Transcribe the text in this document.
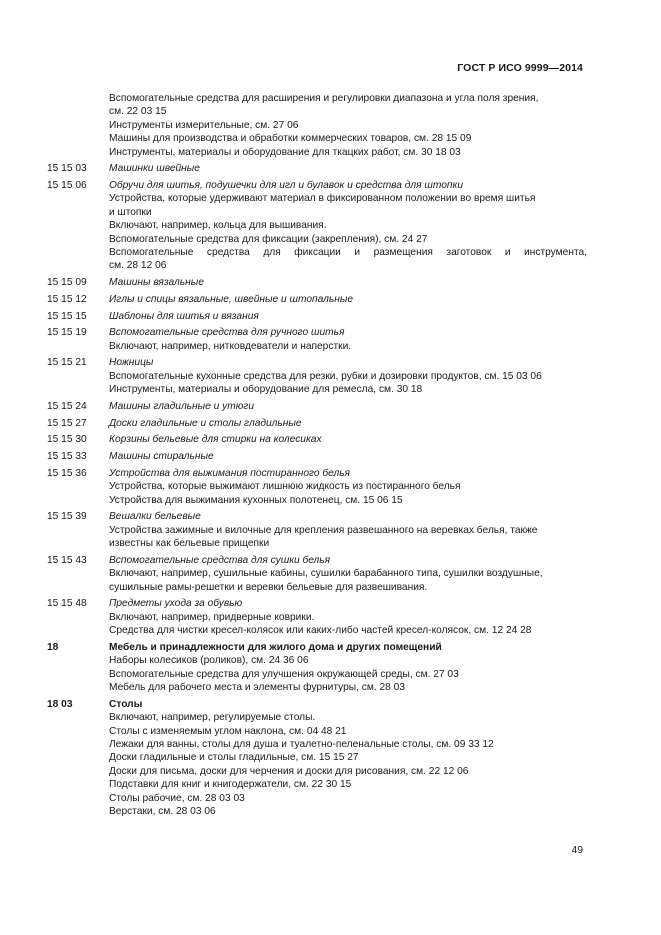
ГОСТ Р ИСО 9999—2014
Вспомогательные средства для расширения и регулировки диапазона и угла поля зрения,
см. 22 03 15
Инструменты измерительные, см. 27 06
Машины для производства и обработки коммерческих товаров, см. 28 15 09
Инструменты, материалы и оборудование для ткацких работ, см. 30 18 03
15 15 03	Машинки швейные
15 15 06	Обручи для шитья, подушечки для игл и булавок и средства для штопки
Устройства, которые удерживают материал в фиксированном положении во время шитья
и штопки
Включают, например, кольца для вышивания.
Вспомогательные средства для фиксации (закрепления), см. 24 27
Вспомогательные средства для фиксации и размещения заготовок и инструмента,
см. 28 12 06
15 15 09	Машины вязальные
15 15 12	Иглы и спицы вязальные, швейные и штопальные
15 15 15	Шаблоны для шитья и вязания
15 15 19	Вспомогательные средства для ручного шитья
Включают, например, нитковдеватели и наперстки.
15 15 21	Ножницы
Вспомогательные кухонные средства для резки, рубки и дозировки продуктов, см. 15 03 06
Инструменты, материалы и оборудование для ремесла, см. 30 18
15 15 24	Машины гладильные и утюги
15 15 27	Доски гладильные и столы гладильные
15 15 30	Корзины бельевые для стирки на колесиках
15 15 33	Машины стиральные
15 15 36	Устройства для выжимания постиранного белья
Устройства, которые выжимают лишнюю жидкость из постиранного белья
Устройства для выжимания кухонных полотенец, см. 15 06 15
15 15 39	Вешалки бельевые
Устройства зажимные и вилочные для крепления развешанного на веревках белья, также
известны как бельевые прищепки
15 15 43	Вспомогательные средства для сушки белья
Включают, например, сушильные кабины, сушилки барабанного типа, сушилки воздушные,
сушильные рамы-решетки и веревки бельевые для развешивания.
15 15 48	Предметы ухода за обувью
Включают, например, придверные коврики.
Средства для чистки кресел-колясок или каких-либо частей кресел-колясок, см. 12 24 28
18	Мебель и принадлежности для жилого дома и других помещений
Наборы колесиков (роликов), см. 24 36 06
Вспомогательные средства для улучшения окружающей среды, см. 27 03
Мебель для рабочего места и элементы фурнитуры, см. 28 03
18 03	Столы
Включают, например, регулируемые столы.
Столы с изменяемым углом наклона, см. 04 48 21
Лежаки для ванны, столы для душа и туалетно-пеленальные столы, см. 09 33 12
Доски гладильные и столы гладильные, см. 15 15 27
Доски для письма, доски для черчения и доски для рисования, см. 22 12 06
Подставки для книг и книгодержатели, см. 22 30 15
Столы рабочие, см. 28 03 03
Верстаки, см. 28 03 06
49
